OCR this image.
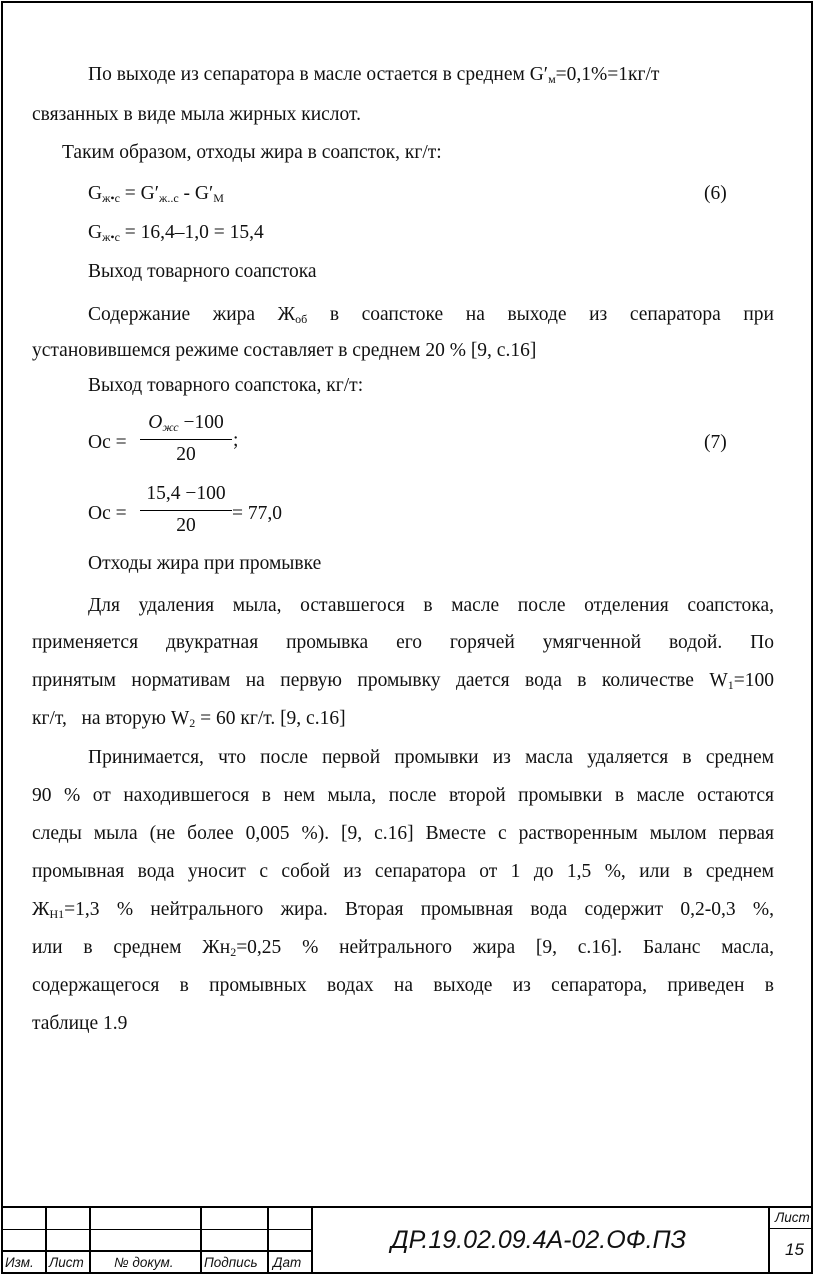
По выходе из сепаратора в масле остается в среднем $G'_м=0,1\%=1кг/т$
связанных в виде мыла жирных кислот.
Таким образом, отходы жира в соапсток, кг/т:
$G_{ж•с} = G'_{ж..с} - G'М$	(6)
$G_{ж•с} = 16,4-1,0 = 15,4$
Выход товарного соапстока
Содержание жира $Ж_{об}$ в соапстоке на выходе из сепаратора при
установившемся режиме составляет в среднем 20 % [9, с.16]
Выход товарного соапстока, кг/т:
Ос =
$О_{жс} -100$
20
;	(7)
Ос =
15,4 −100
20
= 77,0
Отходы жира при промывке
Для удаления мыла, оставшегося в масле после отделения соапстока,
применяется двукратная промывка его горячей умягченной водой. По
принятым нормативам на первую промывку дается вода в количестве $W_1=100$
кг/т,   на вторую $W_2 = 60$ кг/т. [9, с.16]
Принимается, что после первой промывки из масла удаляется в среднем
90 % от находившегося в нем мыла, после второй промывки в масле остаются
следы мыла (не более 0,005 %). [9, с.16] Вместе с растворенным мылом первая
промывная вода уносит с собой из сепаратора от 1 до 1,5 %, или в среднем
$Ж_{Н1}=1,3$ % нейтрального жира. Вторая промывная вода содержит 0,2-0,3 %,
или в среднем $Жн_2=0,25$ % нейтрального жира [9, с.16]. Баланс масла,
содержащегося в промывных водах на выходе из сепаратора, приведен в
таблице 1.9
Изм. Лист № докум. Подпись Дат
ДР.19.02.09.4А-02.ОФ.ПЗ
Лист
15
